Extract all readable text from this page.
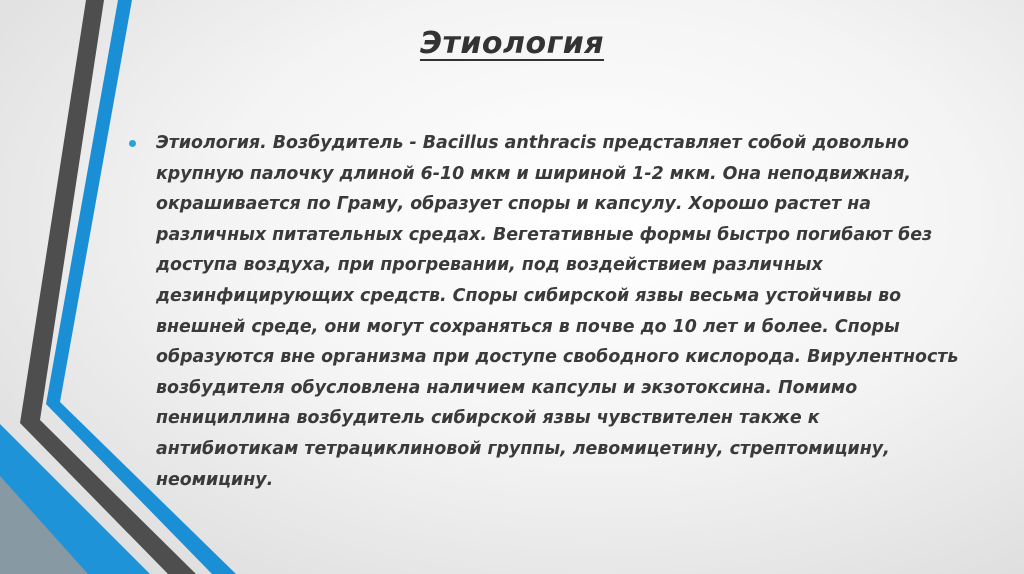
Этиология
Этиология. Возбудитель - Bacillus anthracis представляет собой довольно крупную палочку длиной 6-10 мкм и шириной 1-2 мкм. Она неподвижная, окрашивается по Граму, образует споры и капсулу. Хорошо растет на различных питательных средах. Вегетативные формы быстро погибают без доступа воздуха, при прогревании, под воздействием различных дезинфицирующих средств. Споры сибирской язвы весьма устойчивы во внешней среде, они могут сохраняться в почве до 10 лет и более. Споры образуются вне организма при доступе свободного кислорода. Вирулентность возбудителя обусловлена наличием капсулы и экзотоксина. Помимо пенициллина возбудитель сибирской язвы чувствителен также к антибиотикам тетрациклиновой группы, левомицетину, стрептомицину, неомицину.
